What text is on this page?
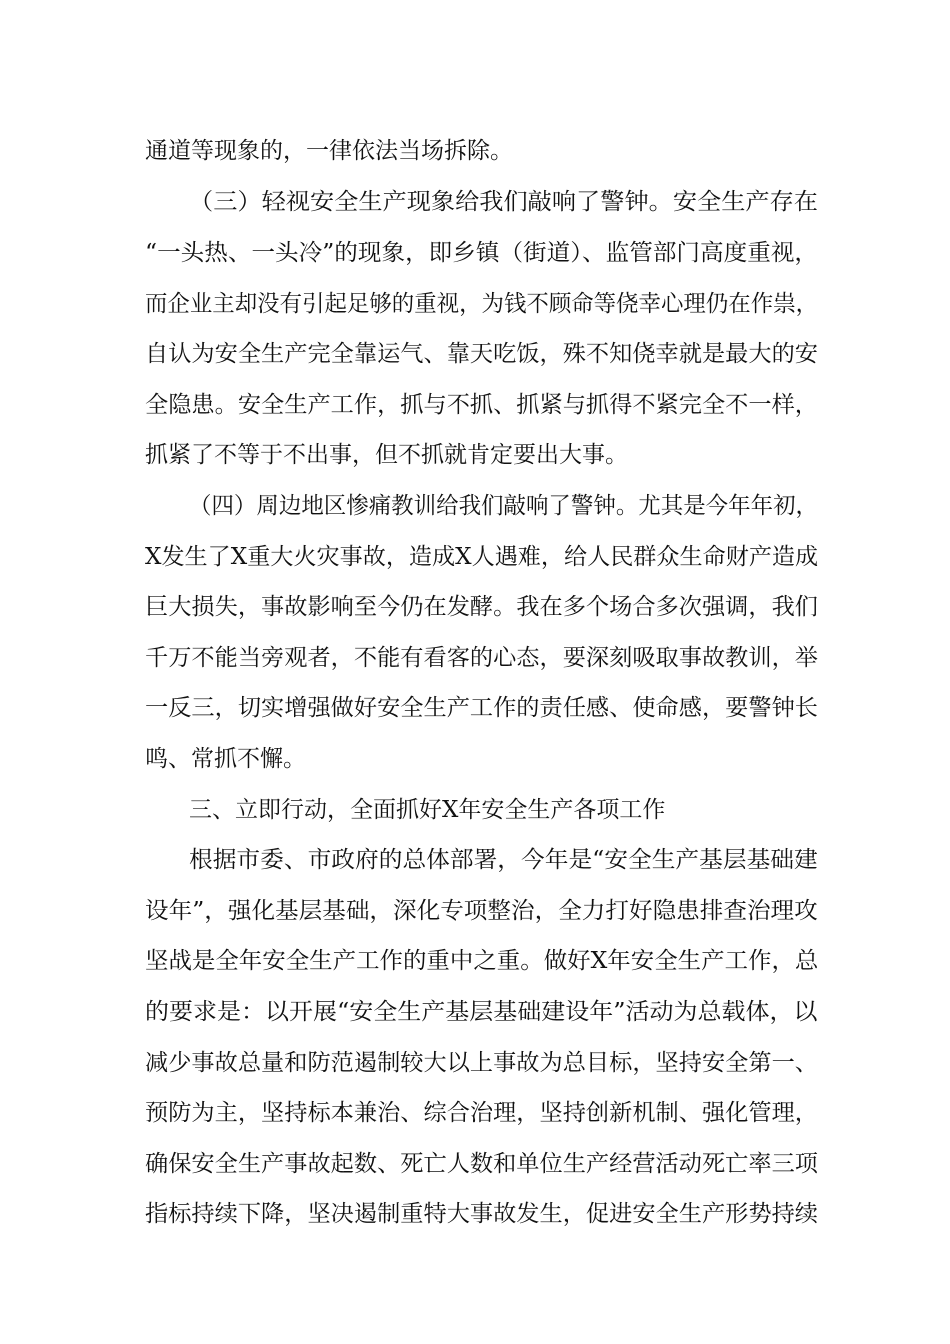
通道等现象的，一律依法当场拆除。
（三）轻视安全生产现象给我们敲响了警钟。安全生产存在
“一头热、一头冷”的现象，即乡镇（街道）、监管部门高度重视，
而企业主却没有引起足够的重视，为钱不顾命等侥幸心理仍在作祟，
自认为安全生产完全靠运气、靠天吃饭，殊不知侥幸就是最大的安
全隐患。安全生产工作，抓与不抓、抓紧与抓得不紧完全不一样，
抓紧了不等于不出事，但不抓就肯定要出大事。
（四）周边地区惨痛教训给我们敲响了警钟。尤其是今年年初，
X发生了X重大火灾事故，造成X人遇难，给人民群众生命财产造成
巨大损失，事故影响至今仍在发酵。我在多个场合多次强调，我们
千万不能当旁观者，不能有看客的心态，要深刻吸取事故教训，举
一反三，切实增强做好安全生产工作的责任感、使命感，要警钟长
鸣、常抓不懈。
三、立即行动，全面抓好X年安全生产各项工作
根据市委、市政府的总体部署，今年是“安全生产基层基础建
设年”，强化基层基础，深化专项整治，全力打好隐患排查治理攻
坚战是全年安全生产工作的重中之重。做好X年安全生产工作，总
的要求是：以开展“安全生产基层基础建设年”活动为总载体，以
减少事故总量和防范遏制较大以上事故为总目标，坚持安全第一、
预防为主，坚持标本兼治、综合治理，坚持创新机制、强化管理，
确保安全生产事故起数、死亡人数和单位生产经营活动死亡率三项
指标持续下降，坚决遏制重特大事故发生，促进安全生产形势持续
